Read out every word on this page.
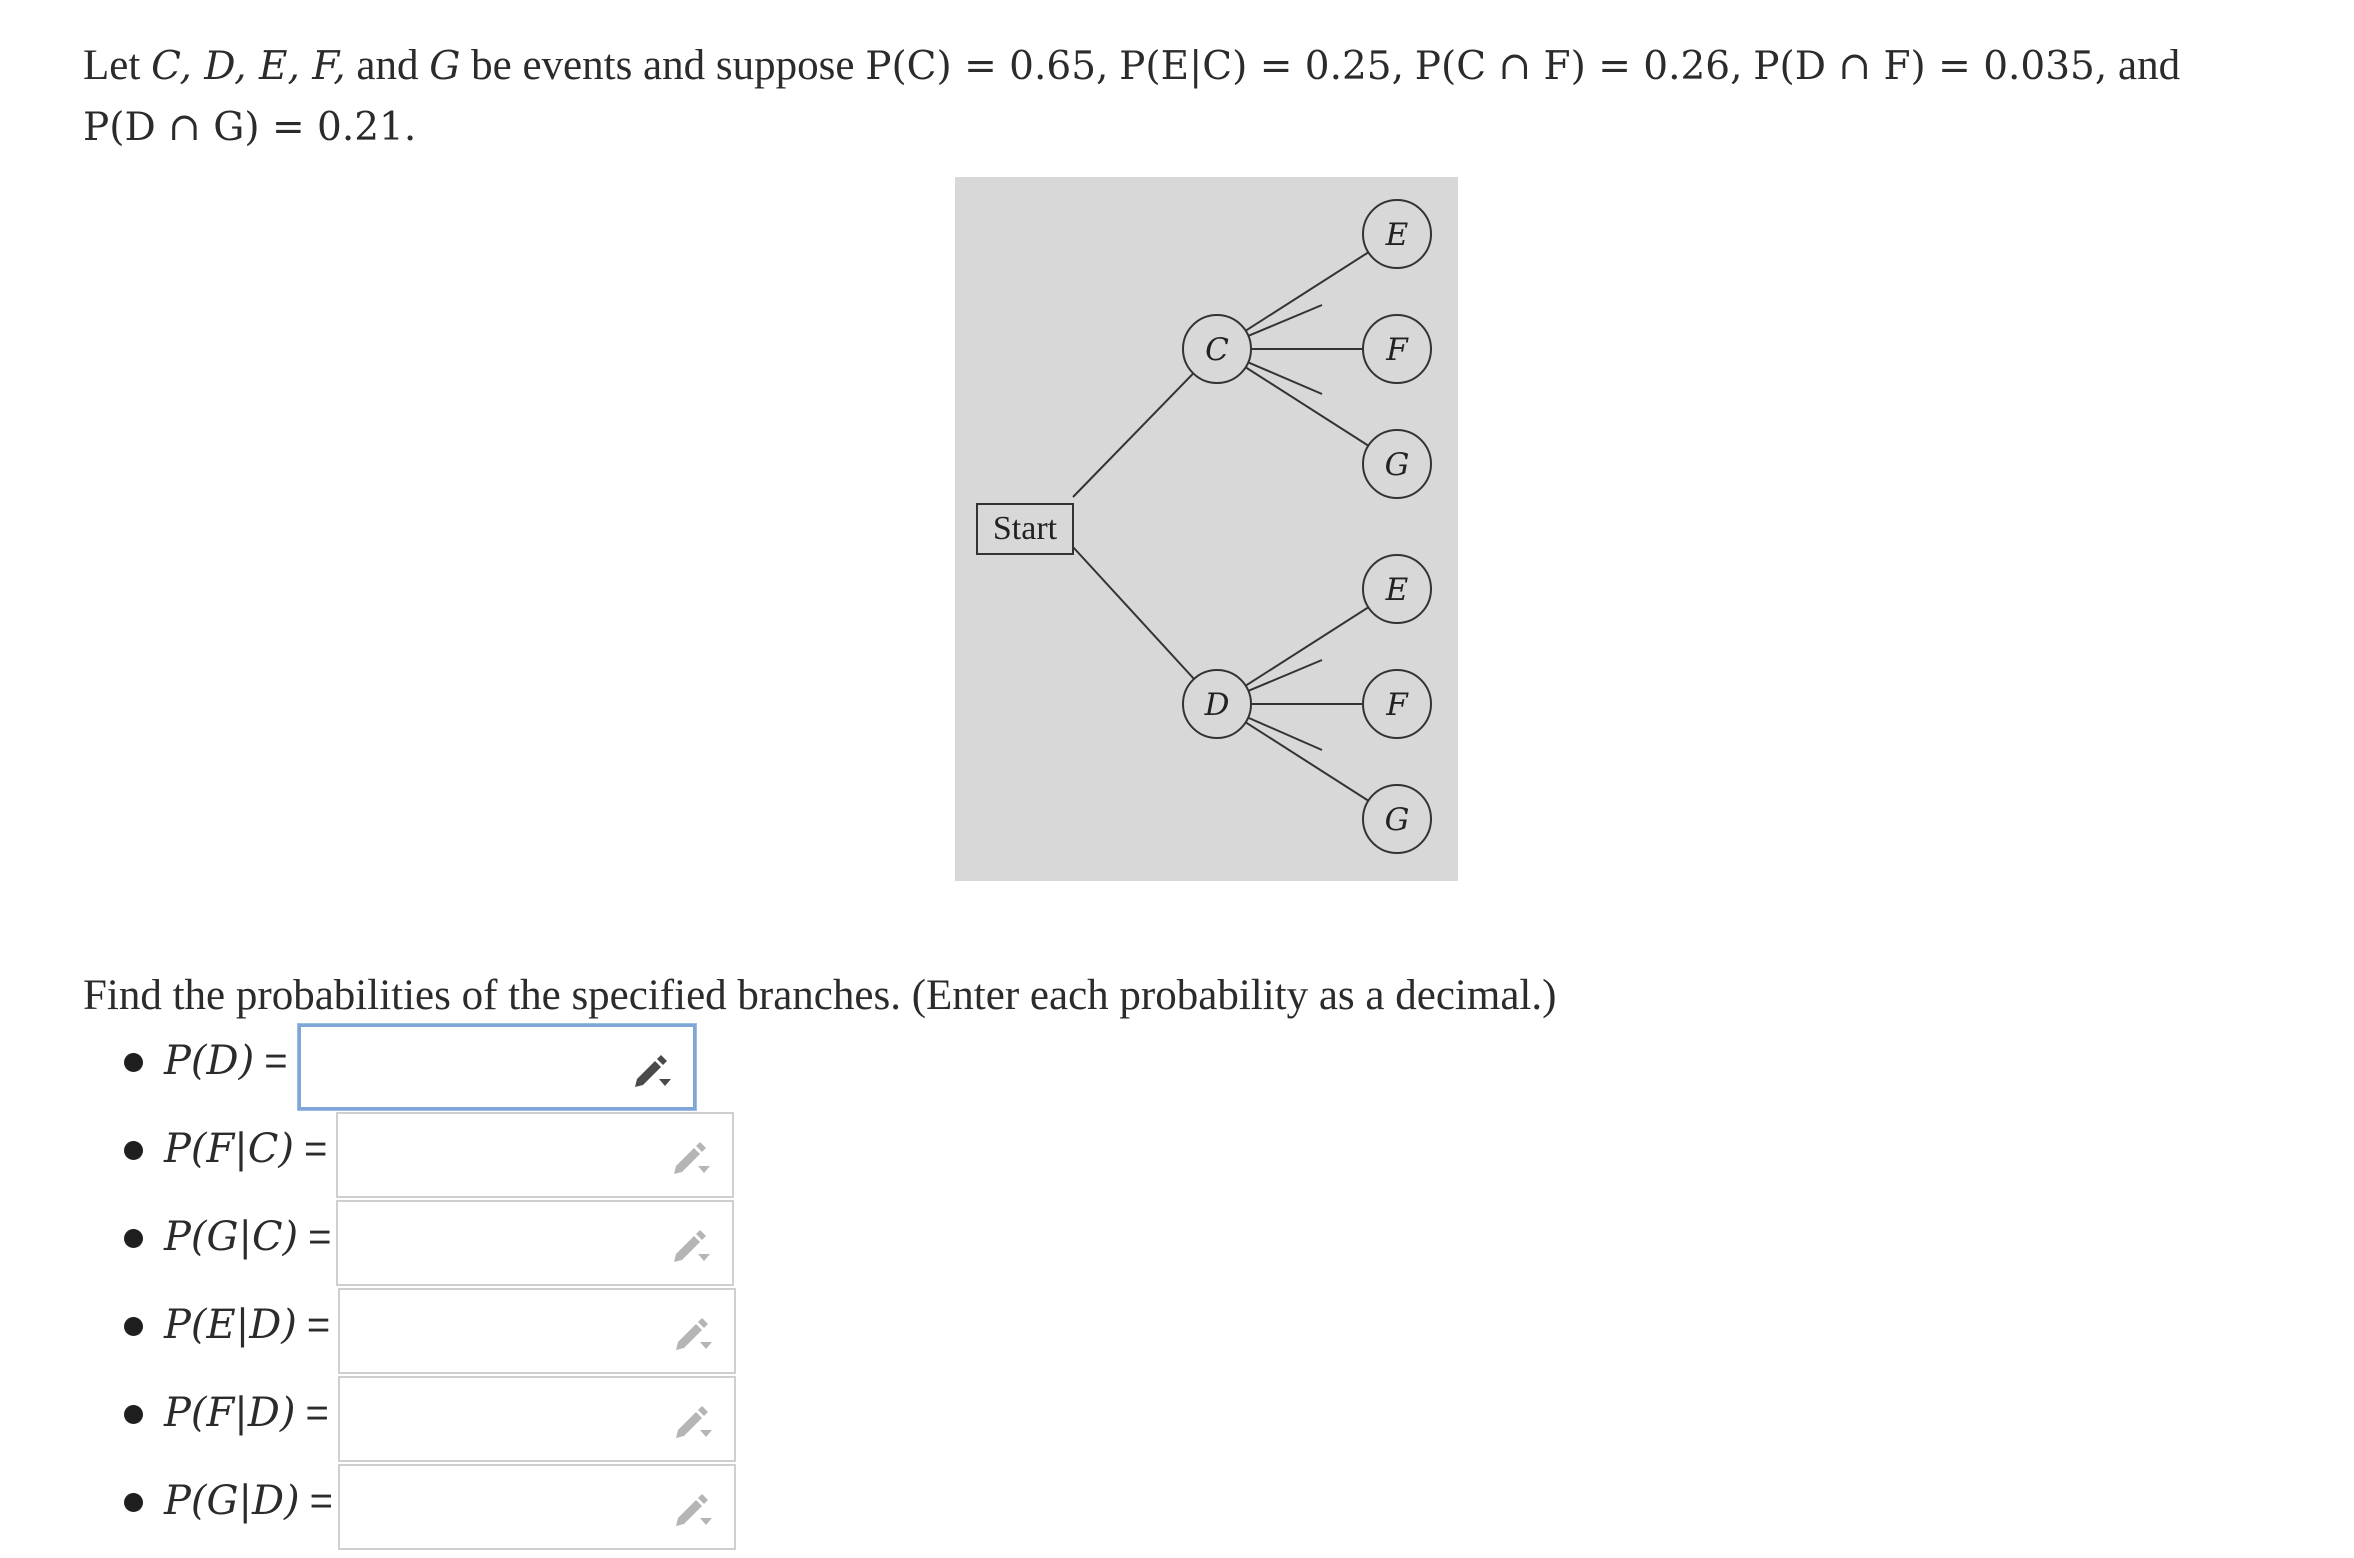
Let C, D, E, F, and G be events and suppose P(C) = 0.65, P(E|C) = 0.25, P(C ∩ F) = 0.26, P(D ∩ F) = 0.035, and
P(D ∩ G) = 0.21.
Start
C
D
E
F
G
E
F
G
Find the probabilities of the specified branches. (Enter each probability as a decimal.)
P(D) =
P(F|C) =
P(G|C) =
P(E|D) =
P(F|D) =
P(G|D) =
